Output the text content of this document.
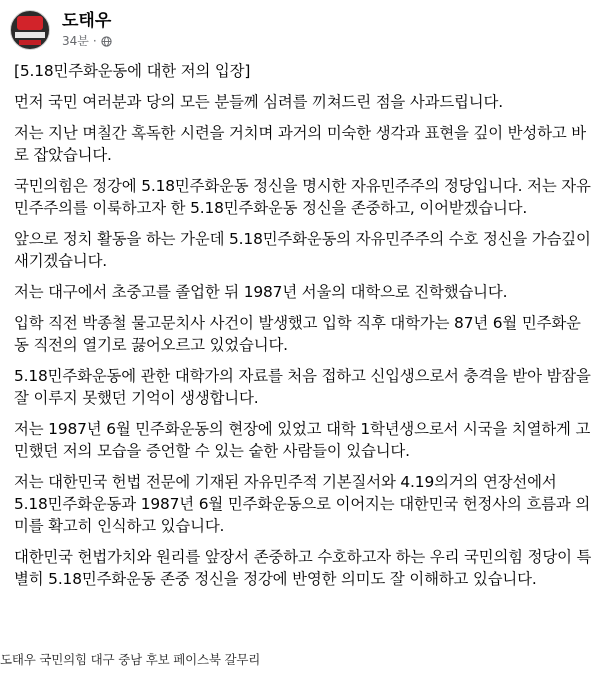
도태우
34분 ·

[5.18민주화운동에 대한 저의 입장]

먼저 국민 여러분과 당의 모든 분들께 심려를 끼쳐드린 점을 사과드립니다.

저는 지난 며칠간 혹독한 시련을 거치며 과거의 미숙한 생각과 표현을 깊이 반성하고 바로 잡았습니다.

국민의힘은 정강에 5.18민주화운동 정신을 명시한 자유민주주의 정당입니다. 저는 자유민주주의를 이룩하고자 한 5.18민주화운동 정신을 존중하고, 이어받겠습니다.

앞으로 정치 활동을 하는 가운데 5.18민주화운동의 자유민주주의 수호 정신을 가슴깊이 새기겠습니다.

저는 대구에서 초중고를 졸업한 뒤 1987년 서울의 대학으로 진학했습니다.

입학 직전 박종철 물고문치사 사건이 발생했고 입학 직후 대학가는 87년 6월 민주화운동 직전의 열기로 끓어오르고 있었습니다.

5.18민주화운동에 관한 대학가의 자료를 처음 접하고 신입생으로서 충격을 받아 밤잠을 잘 이루지 못했던 기억이 생생합니다.

저는 1987년 6월 민주화운동의 현장에 있었고 대학 1학년생으로서 시국을 치열하게 고민했던 저의 모습을 증언할 수 있는 숱한 사람들이 있습니다.

저는 대한민국 헌법 전문에 기재된 자유민주적 기본질서와 4.19의거의 연장선에서 5.18민주화운동과 1987년 6월 민주화운동으로 이어지는 대한민국 헌정사의 흐름과 의미를 확고히 인식하고 있습니다.

대한민국 헌법가치와 원리를 앞장서 존중하고 수호하고자 하는 우리 국민의힘 정당이 특별히 5.18민주화운동 존중 정신을 정강에 반영한 의미도 잘 이해하고 있습니다.

도태우 국민의힘 대구 중남 후보 페이스북 갈무리
